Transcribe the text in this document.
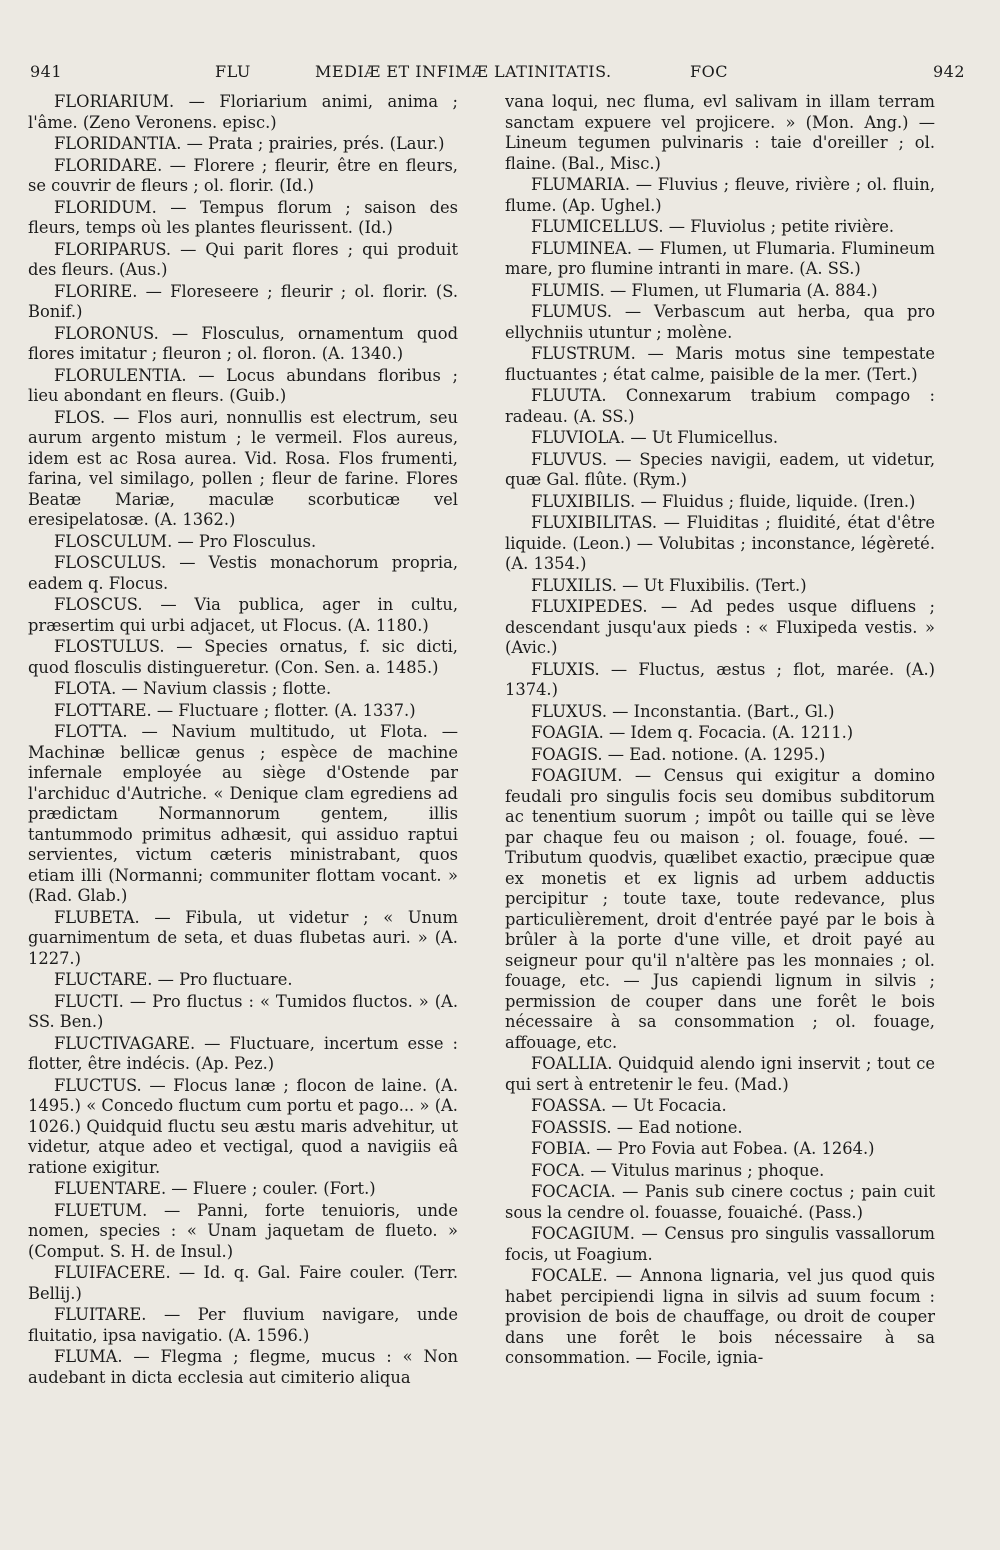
941	FLU	MEDIÆ ET INFIMÆ LATINITATIS.	FOC	942

FLORIARIUM. — Floriarium animi, anima ; l'âme. (Zeno Veronens. episc.)

FLORIDANTIA. — Prata ; prairies, prés. (Laur.)

FLORIDARE. — Florere ; fleurir, être en fleurs, se couvrir de fleurs ; ol. florir. (Id.)

FLORIDUM. — Tempus florum ; saison des fleurs, temps où les plantes fleurissent. (Id.)

FLORIPARUS. — Qui parit flores ; qui produit des fleurs. (Aus.)

FLORIRE. — Floreseere ; fleurir ; ol. florir. (S. Bonif.)

FLORONUS. — Flosculus, ornamentum quod flores imitatur ; fleuron ; ol. floron. (A. 1340.)

FLORULENTIA. — Locus abundans floribus ; lieu abondant en fleurs. (Guib.)

FLOS. — Flos auri, nonnullis est electrum, seu aurum argento mistum ; le vermeil. Flos aureus, idem est ac Rosa aurea. Vid. Rosa. Flos frumenti, farina, vel similago, pollen ; fleur de farine. Flores Beatæ Mariæ, maculæ scorbuticæ vel eresipelatosæ. (A. 1362.)

FLOSCULUM. — Pro Flosculus.

FLOSCULUS. — Vestis monachorum propria, eadem q. Flocus.

FLOSCUS. — Via publica, ager in cultu, præsertim qui urbi adjacet, ut Flocus. (A. 1180.)

FLOSTULUS. — Species ornatus, f. sic dicti, quod flosculis distingueretur. (Con. Sen. a. 1485.)

FLOTA. — Navium classis ; flotte.

FLOTTARE. — Fluctuare ; flotter. (A. 1337.)

FLOTTA. — Navium multitudo, ut Flota. — Machinæ bellicæ genus ; espèce de machine infernale employée au siège d'Ostende par l'archiduc d'Autriche. « Denique clam egrediens ad prædictam Normannorum gentem, illis tantummodo primitus adhæsit, qui assiduo raptui servientes, victum cæteris ministrabant, quos etiam illi (Normanni; communiter flottam vocant. » (Rad. Glab.)

FLUBETA. — Fibula, ut videtur ; « Unum guarnimentum de seta, et duas flubetas auri. » (A. 1227.)

FLUCTARE. — Pro fluctuare.

FLUCTI. — Pro fluctus : « Tumidos fluctos. » (A. SS. Ben.)

FLUCTIVAGARE. — Fluctuare, incertum esse : flotter, être indécis. (Ap. Pez.)

FLUCTUS. — Flocus lanæ ; flocon de laine. (A. 1495.) « Concedo fluctum cum portu et pago... » (A. 1026.) Quidquid fluctu seu æstu maris advehitur, ut videtur, atque adeo et vectigal, quod a navigiis eâ ratione exigitur.

FLUENTARE. — Fluere ; couler. (Fort.)

FLUETUM. — Panni, forte tenuioris, unde nomen, species : « Unam jaquetam de flueto. » (Comput. S. H. de Insul.)

FLUIFACERE. — Id. q. Gal. Faire couler. (Terr. Bellij.)

FLUITARE. — Per fluvium navigare, unde fluitatio, ipsa navigatio. (A. 1596.)

FLUMA. — Flegma ; flegme, mucus : « Non audebant in dicta ecclesia aut cimiterio aliqua

vana loqui, nec fluma, evl salivam in illam terram sanctam expuere vel projicere. » (Mon. Ang.) — Lineum tegumen pulvinaris : taie d'oreiller ; ol. flaine. (Bal., Misc.)

FLUMARIA. — Fluvius ; fleuve, rivière ; ol. fluin, flume. (Ap. Ughel.)

FLUMICELLUS. — Fluviolus ; petite rivière.

FLUMINEA. — Flumen, ut Flumaria. Flumineum mare, pro flumine intranti in mare. (A. SS.)

FLUMIS. — Flumen, ut Flumaria (A. 884.)

FLUMUS. — Verbascum aut herba, qua pro ellychniis utuntur ; molène.

FLUSTRUM. — Maris motus sine tempestate fluctuantes ; état calme, paisible de la mer. (Tert.)

FLUUTA. Connexarum trabium compago : radeau. (A. SS.)

FLUVIOLA. — Ut Flumicellus.

FLUVUS. — Species navigii, eadem, ut videtur, quæ Gal. flûte. (Rym.)

FLUXIBILIS. — Fluidus ; fluide, liquide. (Iren.)

FLUXIBILITAS. — Fluiditas ; fluidité, état d'être liquide. (Leon.) — Volubitas ; inconstance, légèreté. (A. 1354.)

FLUXILIS. — Ut Fluxibilis. (Tert.)

FLUXIPEDES. — Ad pedes usque difluens ; descendant jusqu'aux pieds : « Fluxipeda vestis. » (Avic.)

FLUXIS. — Fluctus, æstus ; flot, marée. (A.) 1374.)

FLUXUS. — Inconstantia. (Bart., Gl.)

FOAGIA. — Idem q. Focacia. (A. 1211.)

FOAGIS. — Ead. notione. (A. 1295.)

FOAGIUM. — Census qui exigitur a domino feudali pro singulis focis seu domibus subditorum ac tenentium suorum ; impôt ou taille qui se lève par chaque feu ou maison ; ol. fouage, foué. — Tributum quodvis, quælibet exactio, præcipue quæ ex monetis et ex lignis ad urbem adductis percipitur ; toute taxe, toute redevance, plus particulièrement, droit d'entrée payé par le bois à brûler à la porte d'une ville, et droit payé au seigneur pour qu'il n'altère pas les monnaies ; ol. fouage, etc. — Jus capiendi lignum in silvis ; permission de couper dans une forêt le bois nécessaire à sa consommation ; ol. fouage, affouage, etc.

FOALLIA. Quidquid alendo igni inservit ; tout ce qui sert à entretenir le feu. (Mad.)

FOASSA. — Ut Focacia.

FOASSIS. — Ead notione.

FOBIA. — Pro Fovia aut Fobea. (A. 1264.)

FOCA. — Vitulus marinus ; phoque.

FOCACIA. — Panis sub cinere coctus ; pain cuit sous la cendre ol. fouasse, fouaiché. (Pass.)

FOCAGIUM. — Census pro singulis vassallorum focis, ut Foagium.

FOCALE. — Annona lignaria, vel jus quod quis habet percipiendi ligna in silvis ad suum focum : provision de bois de chauffage, ou droit de couper dans une forêt le bois nécessaire à sa consommation. — Focile, ignia-
